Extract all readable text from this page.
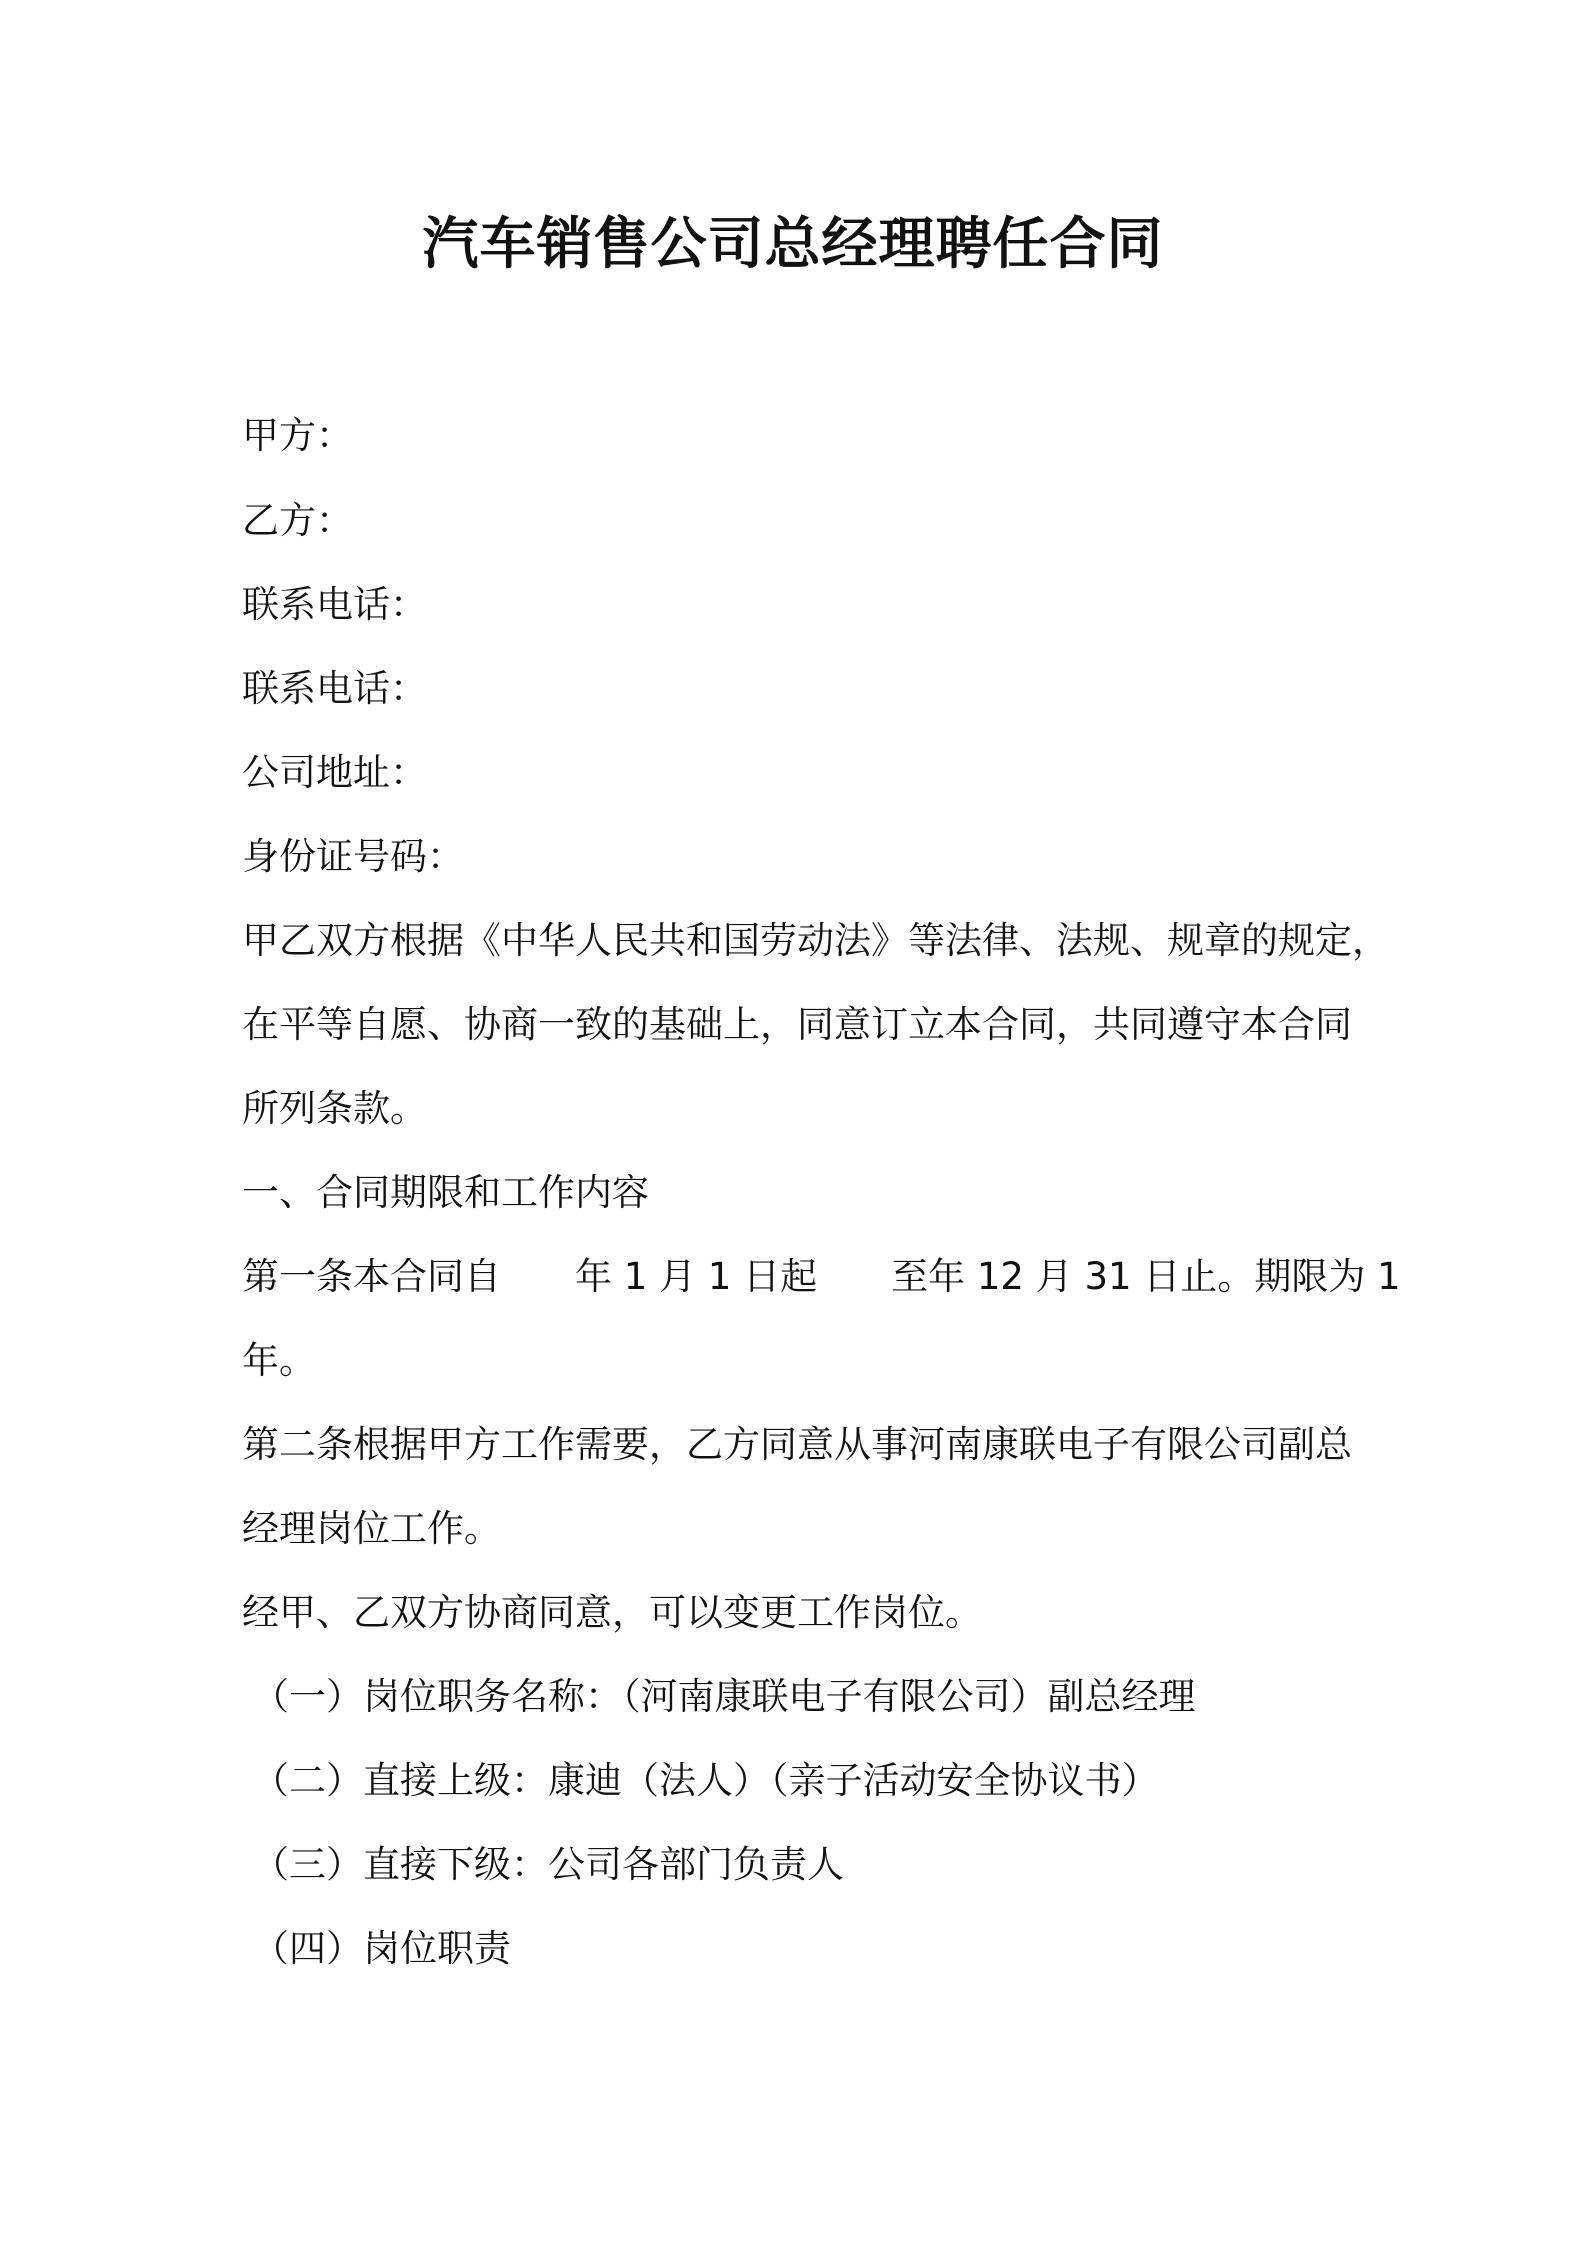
汽车销售公司总经理聘任合同
甲方：
乙方：
联系电话：
联系电话：
公司地址：
身份证号码：
甲乙双方根据《中华人民共和国劳动法》等法律、法规、规章的规定，
在平等自愿、协商一致的基础上，同意订立本合同，共同遵守本合同
所列条款。
一、合同期限和工作内容
第一条本合同自　　年 1 月 1 日起　　至年 12 月 31 日止。期限为 1
年。
第二条根据甲方工作需要，乙方同意从事河南康联电子有限公司副总
经理岗位工作。
经甲、乙双方协商同意，可以变更工作岗位。
（一）岗位职务名称：（河南康联电子有限公司）副总经理
（二）直接上级：康迪（法人）（亲子活动安全协议书）
（三）直接下级：公司各部门负责人
（四）岗位职责
